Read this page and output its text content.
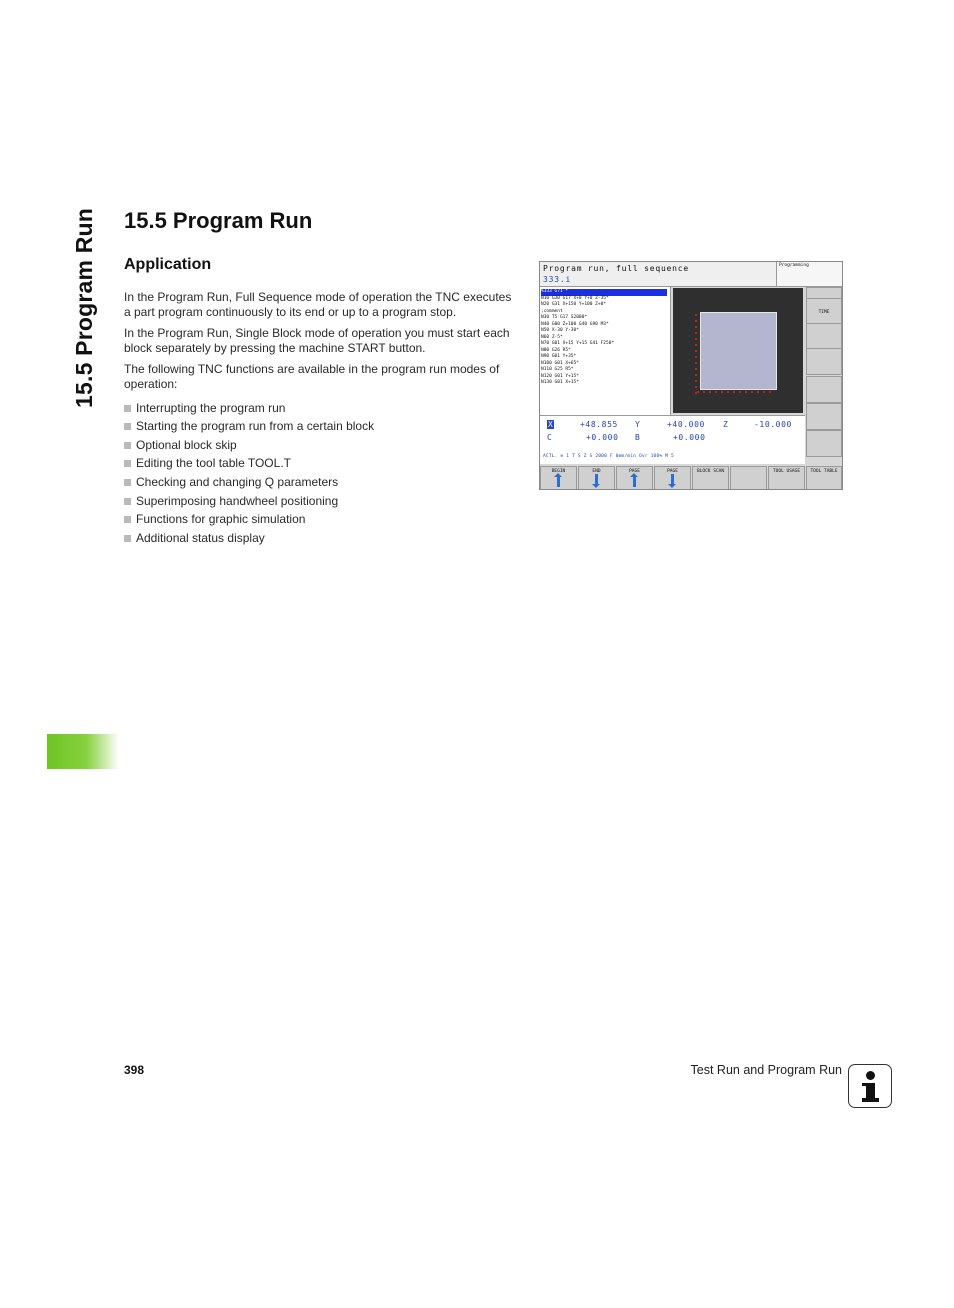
15.5 Program Run 15.5 Program Run
Application

In the Program Run, Full Sequence mode of operation the TNC executes a part program continuously to its end or up to a program stop.

In the Program Run, Single Block mode of operation you must start each block separately by pressing the machine START button.

The following TNC functions are available in the program run modes of operation:

Interrupting the program run
Starting the program run from a certain block
Optional block skip
Editing the tool table TOOL.T
Checking and changing Q parameters
Superimposing handwheel positioning
Functions for graphic simulation
Additional status display
Program run, full sequence
333.i
Programming
%333 G71 *
N10 G30 G17 X+0 Y+0 Z-35*
N20 G31 X+150 Y+100 Z+0*
;comment
N30 T5 G17 S2000*
N40 G00 Z+100 G40 G90 M3*
N50 X-30 Y-30*
N60 Z-5*
N70 G01 X+15 Y+15 G41 F250*
N80 G26 R5*
N90 G01 Y+35*
N100 G01 X+65*
N110 G25 R5*
N120 G01 Y+15*
N130 G01 X+15*
TIME
X	+48.855 Y	+40.000 Z	-10.000
C	+0.000 B	+0.000
ACTL. ⊕ 1 T S Z S 2000 F 0mm/min Ovr 100% M 5
BEGIN	END	PAGE	PAGE	BLOCK SCAN	TOOL USAGE	TOOL TABLE
398	Test Run and Program Run
